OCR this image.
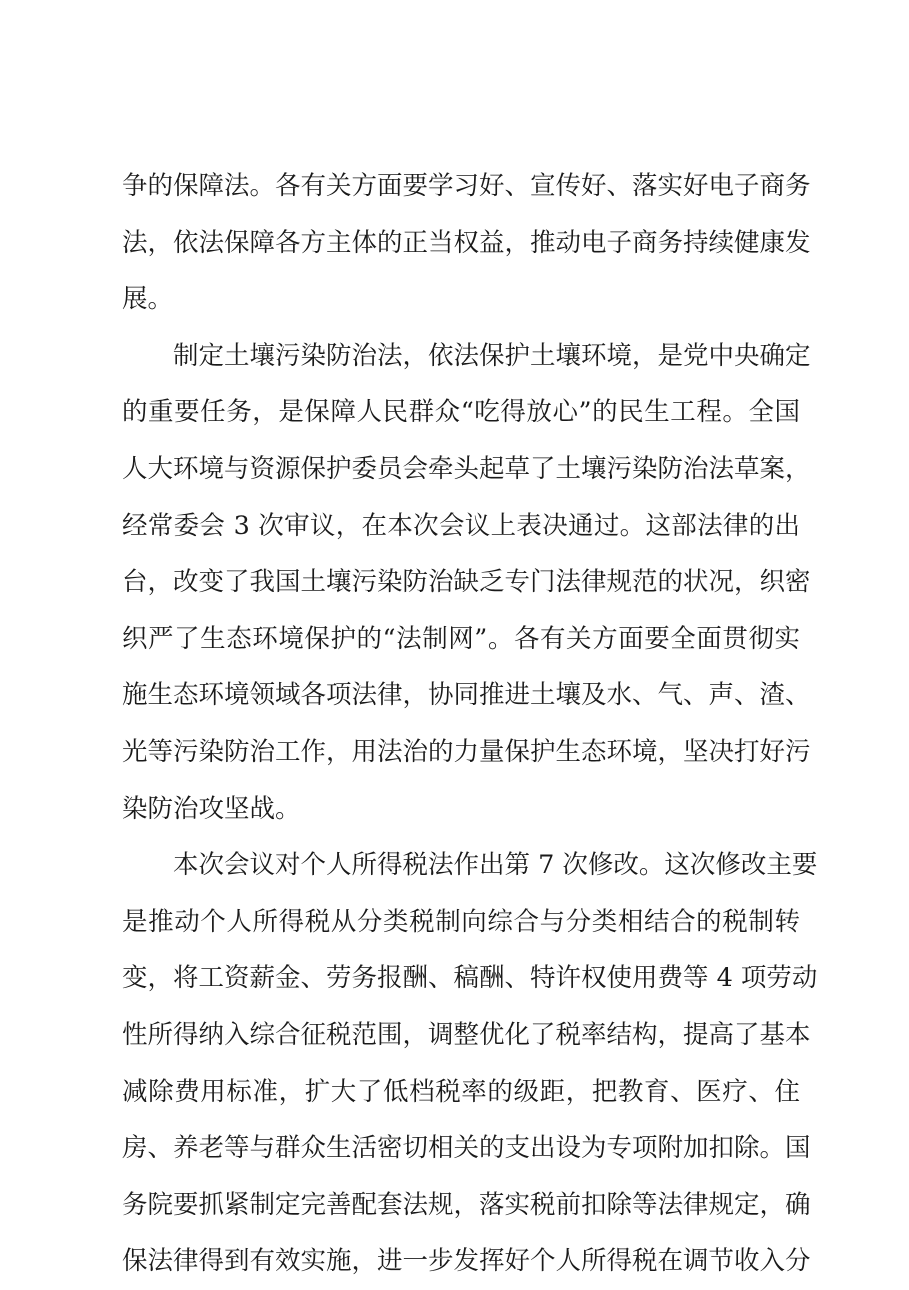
争的保障法。各有关方面要学习好、宣传好、落实好电子商务
法，依法保障各方主体的正当权益，推动电子商务持续健康发
展。
制定土壤污染防治法，依法保护土壤环境，是党中央确定
的重要任务，是保障人民群众“吃得放心”的民生工程。全国
人大环境与资源保护委员会牵头起草了土壤污染防治法草案，
经常委会 3 次审议，在本次会议上表决通过。这部法律的出
台，改变了我国土壤污染防治缺乏专门法律规范的状况，织密
织严了生态环境保护的“法制网”。各有关方面要全面贯彻实
施生态环境领域各项法律，协同推进土壤及水、气、声、渣、
光等污染防治工作，用法治的力量保护生态环境，坚决打好污
染防治攻坚战。
本次会议对个人所得税法作出第 7 次修改。这次修改主要
是推动个人所得税从分类税制向综合与分类相结合的税制转
变，将工资薪金、劳务报酬、稿酬、特许权使用费等 4 项劳动
性所得纳入综合征税范围，调整优化了税率结构，提高了基本
减除费用标准，扩大了低档税率的级距，把教育、医疗、住
房、养老等与群众生活密切相关的支出设为专项附加扣除。国
务院要抓紧制定完善配套法规，落实税前扣除等法律规定，确
保法律得到有效实施，进一步发挥好个人所得税在调节收入分
